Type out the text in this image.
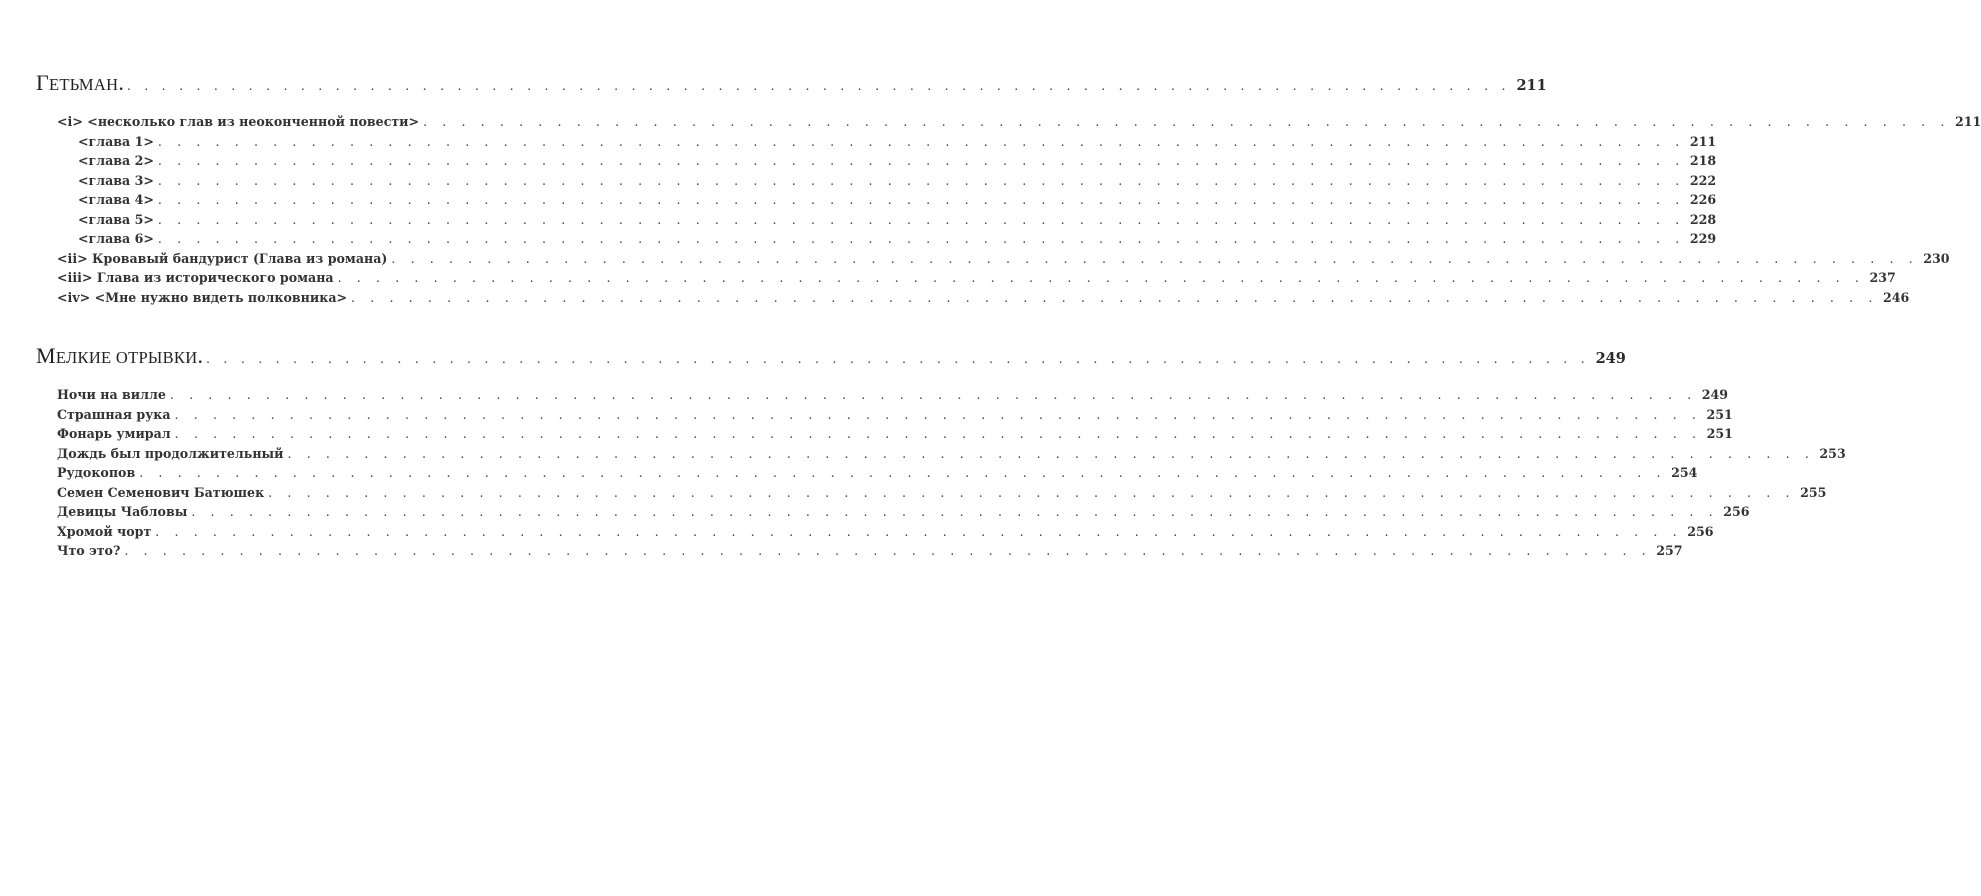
ГЕТЬМАН. . . . . . . . . . . . . . . . . . . . . . . . . . . . . . . . . . . . . . . . . . . . . . . . . . . . . . . . . . . . . . . . . . . . . . . . . . . . . . . . . 211
<i> <несколько глав из неоконченной повести> . . . . . . . . . . . . . . . . . . . . . . . . . . . . . . . . . . . . . . . . . . . . . . . . . . . . . . . . . . . . . . . . . . . . . . . . . . . . . . . . 211
<глава 1> . . . . . . . . . . . . . . . . . . . . . . . . . . . . . . . . . . . . . . . . . . . . . . . . . . . . . . . . . . . . . . . . . . . . . . . . . . . . . . . . 211
<глава 2> . . . . . . . . . . . . . . . . . . . . . . . . . . . . . . . . . . . . . . . . . . . . . . . . . . . . . . . . . . . . . . . . . . . . . . . . . . . . . . . . 218
<глава 3> . . . . . . . . . . . . . . . . . . . . . . . . . . . . . . . . . . . . . . . . . . . . . . . . . . . . . . . . . . . . . . . . . . . . . . . . . . . . . . . . 222
<глава 4> . . . . . . . . . . . . . . . . . . . . . . . . . . . . . . . . . . . . . . . . . . . . . . . . . . . . . . . . . . . . . . . . . . . . . . . . . . . . . . . . 226
<глава 5> . . . . . . . . . . . . . . . . . . . . . . . . . . . . . . . . . . . . . . . . . . . . . . . . . . . . . . . . . . . . . . . . . . . . . . . . . . . . . . . . 228
<глава 6> . . . . . . . . . . . . . . . . . . . . . . . . . . . . . . . . . . . . . . . . . . . . . . . . . . . . . . . . . . . . . . . . . . . . . . . . . . . . . . . . 229
<ii> Кровавый бандурист (Глава из романа) . . . . . . . . . . . . . . . . . . . . . . . . . . . . . . . . . . . . . . . . . . . . . . . . . . . . . . . . . . . . . . . . . . . . . . . . . . . . . . . . 230
<iii> Глава из исторического романа . . . . . . . . . . . . . . . . . . . . . . . . . . . . . . . . . . . . . . . . . . . . . . . . . . . . . . . . . . . . . . . . . . . . . . . . . . . . . . . . 237
<iv> <Мне нужно видеть полковника> . . . . . . . . . . . . . . . . . . . . . . . . . . . . . . . . . . . . . . . . . . . . . . . . . . . . . . . . . . . . . . . . . . . . . . . . . . . . . . . . 246
МЕЛКИЕ ОТРЫВКИ. . . . . . . . . . . . . . . . . . . . . . . . . . . . . . . . . . . . . . . . . . . . . . . . . . . . . . . . . . . . . . . . . . . . . . . . . . . . . . . . . 249
Ночи на вилле . . . . . . . . . . . . . . . . . . . . . . . . . . . . . . . . . . . . . . . . . . . . . . . . . . . . . . . . . . . . . . . . . . . . . . . . . . . . . . . . 249
Страшная рука . . . . . . . . . . . . . . . . . . . . . . . . . . . . . . . . . . . . . . . . . . . . . . . . . . . . . . . . . . . . . . . . . . . . . . . . . . . . . . . . 251
Фонарь умирал . . . . . . . . . . . . . . . . . . . . . . . . . . . . . . . . . . . . . . . . . . . . . . . . . . . . . . . . . . . . . . . . . . . . . . . . . . . . . . . . 251
Дождь был продолжительный . . . . . . . . . . . . . . . . . . . . . . . . . . . . . . . . . . . . . . . . . . . . . . . . . . . . . . . . . . . . . . . . . . . . . . . . . . . . . . . . 253
Рудокопов . . . . . . . . . . . . . . . . . . . . . . . . . . . . . . . . . . . . . . . . . . . . . . . . . . . . . . . . . . . . . . . . . . . . . . . . . . . . . . . . 254
Семен Семенович Батюшек . . . . . . . . . . . . . . . . . . . . . . . . . . . . . . . . . . . . . . . . . . . . . . . . . . . . . . . . . . . . . . . . . . . . . . . . . . . . . . . . 255
Девицы Чабловы . . . . . . . . . . . . . . . . . . . . . . . . . . . . . . . . . . . . . . . . . . . . . . . . . . . . . . . . . . . . . . . . . . . . . . . . . . . . . . . . 256
Хромой чорт . . . . . . . . . . . . . . . . . . . . . . . . . . . . . . . . . . . . . . . . . . . . . . . . . . . . . . . . . . . . . . . . . . . . . . . . . . . . . . . . 256
Что это? . . . . . . . . . . . . . . . . . . . . . . . . . . . . . . . . . . . . . . . . . . . . . . . . . . . . . . . . . . . . . . . . . . . . . . . . . . . . . . . . 257
